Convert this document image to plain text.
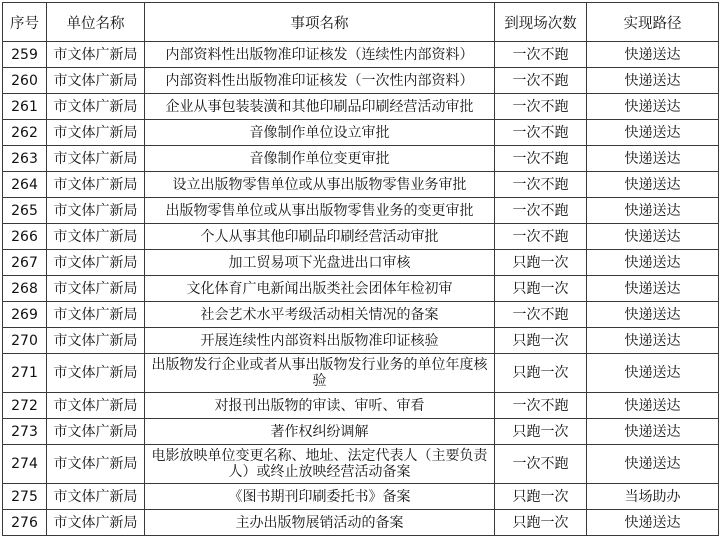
序号	单位名称	事项名称	到现场次数	实现路径
259	市文体广新局	内部资料性出版物准印证核发（连续性内部资料）	一次不跑	快递送达
260	市文体广新局	内部资料性出版物准印证核发（一次性内部资料）	一次不跑	快递送达
261	市文体广新局	企业从事包装装潢和其他印刷品印刷经营活动审批	一次不跑	快递送达
262	市文体广新局	音像制作单位设立审批	一次不跑	快递送达
263	市文体广新局	音像制作单位变更审批	一次不跑	快递送达
264	市文体广新局	设立出版物零售单位或从事出版物零售业务审批	一次不跑	快递送达
265	市文体广新局	出版物零售单位或从事出版物零售业务的变更审批	一次不跑	快递送达
266	市文体广新局	个人从事其他印刷品印刷经营活动审批	一次不跑	快递送达
267	市文体广新局	加工贸易项下光盘进出口审核	只跑一次	快递送达
268	市文体广新局	文化体育广电新闻出版类社会团体年检初审	只跑一次	快递送达
269	市文体广新局	社会艺术水平考级活动相关情况的备案	一次不跑	快递送达
270	市文体广新局	开展连续性内部资料出版物准印证核验	只跑一次	快递送达
271	市文体广新局	出版物发行企业或者从事出版物发行业务的单位年度核验	只跑一次	快递送达
272	市文体广新局	对报刊出版物的审读、审听、审看	一次不跑	快递送达
273	市文体广新局	著作权纠纷调解	只跑一次	快递送达
274	市文体广新局	电影放映单位变更名称、地址、法定代表人（主要负责人）或终止放映经营活动备案	一次不跑	快递送达
275	市文体广新局	《图书期刊印刷委托书》备案	只跑一次	当场助办
276	市文体广新局	主办出版物展销活动的备案	只跑一次	快递送达
